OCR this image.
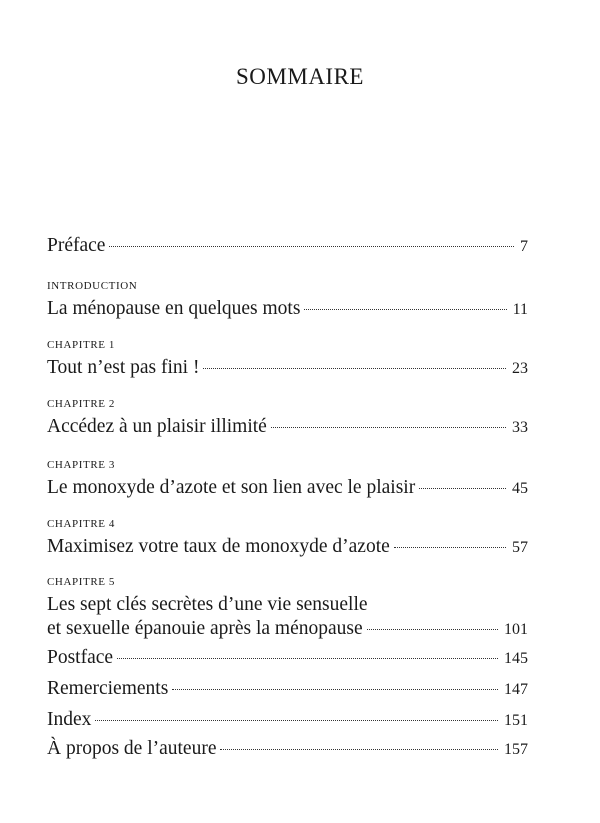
SOMMAIRE
Préface	7
INTRODUCTION
La ménopause en quelques mots	11
CHAPITRE 1
Tout n’est pas fini !	23
CHAPITRE 2
Accédez à un plaisir illimité	33
CHAPITRE 3
Le monoxyde d’azote et son lien avec le plaisir	45
CHAPITRE 4
Maximisez votre taux de monoxyde d’azote	57
CHAPITRE 5
Les sept clés secrètes d’une vie sensuelle
et sexuelle épanouie après la ménopause	101
Postface	145
Remerciements	147
Index	151
À propos de l’auteure	157
